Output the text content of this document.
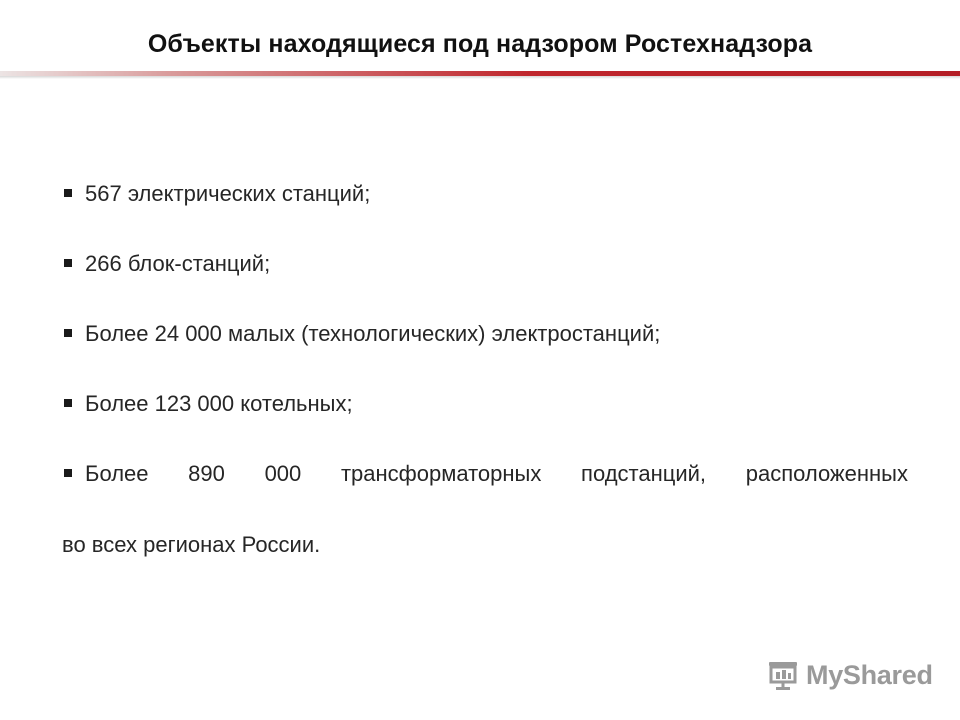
Объекты находящиеся под надзором Ростехнадзора
567 электрических станций;
266 блок-станций;
Более 24 000 малых (технологических) электростанций;
Более 123 000 котельных;
Более 890 000 трансформаторных подстанций, расположенных
во всех регионах России.
MyShared
